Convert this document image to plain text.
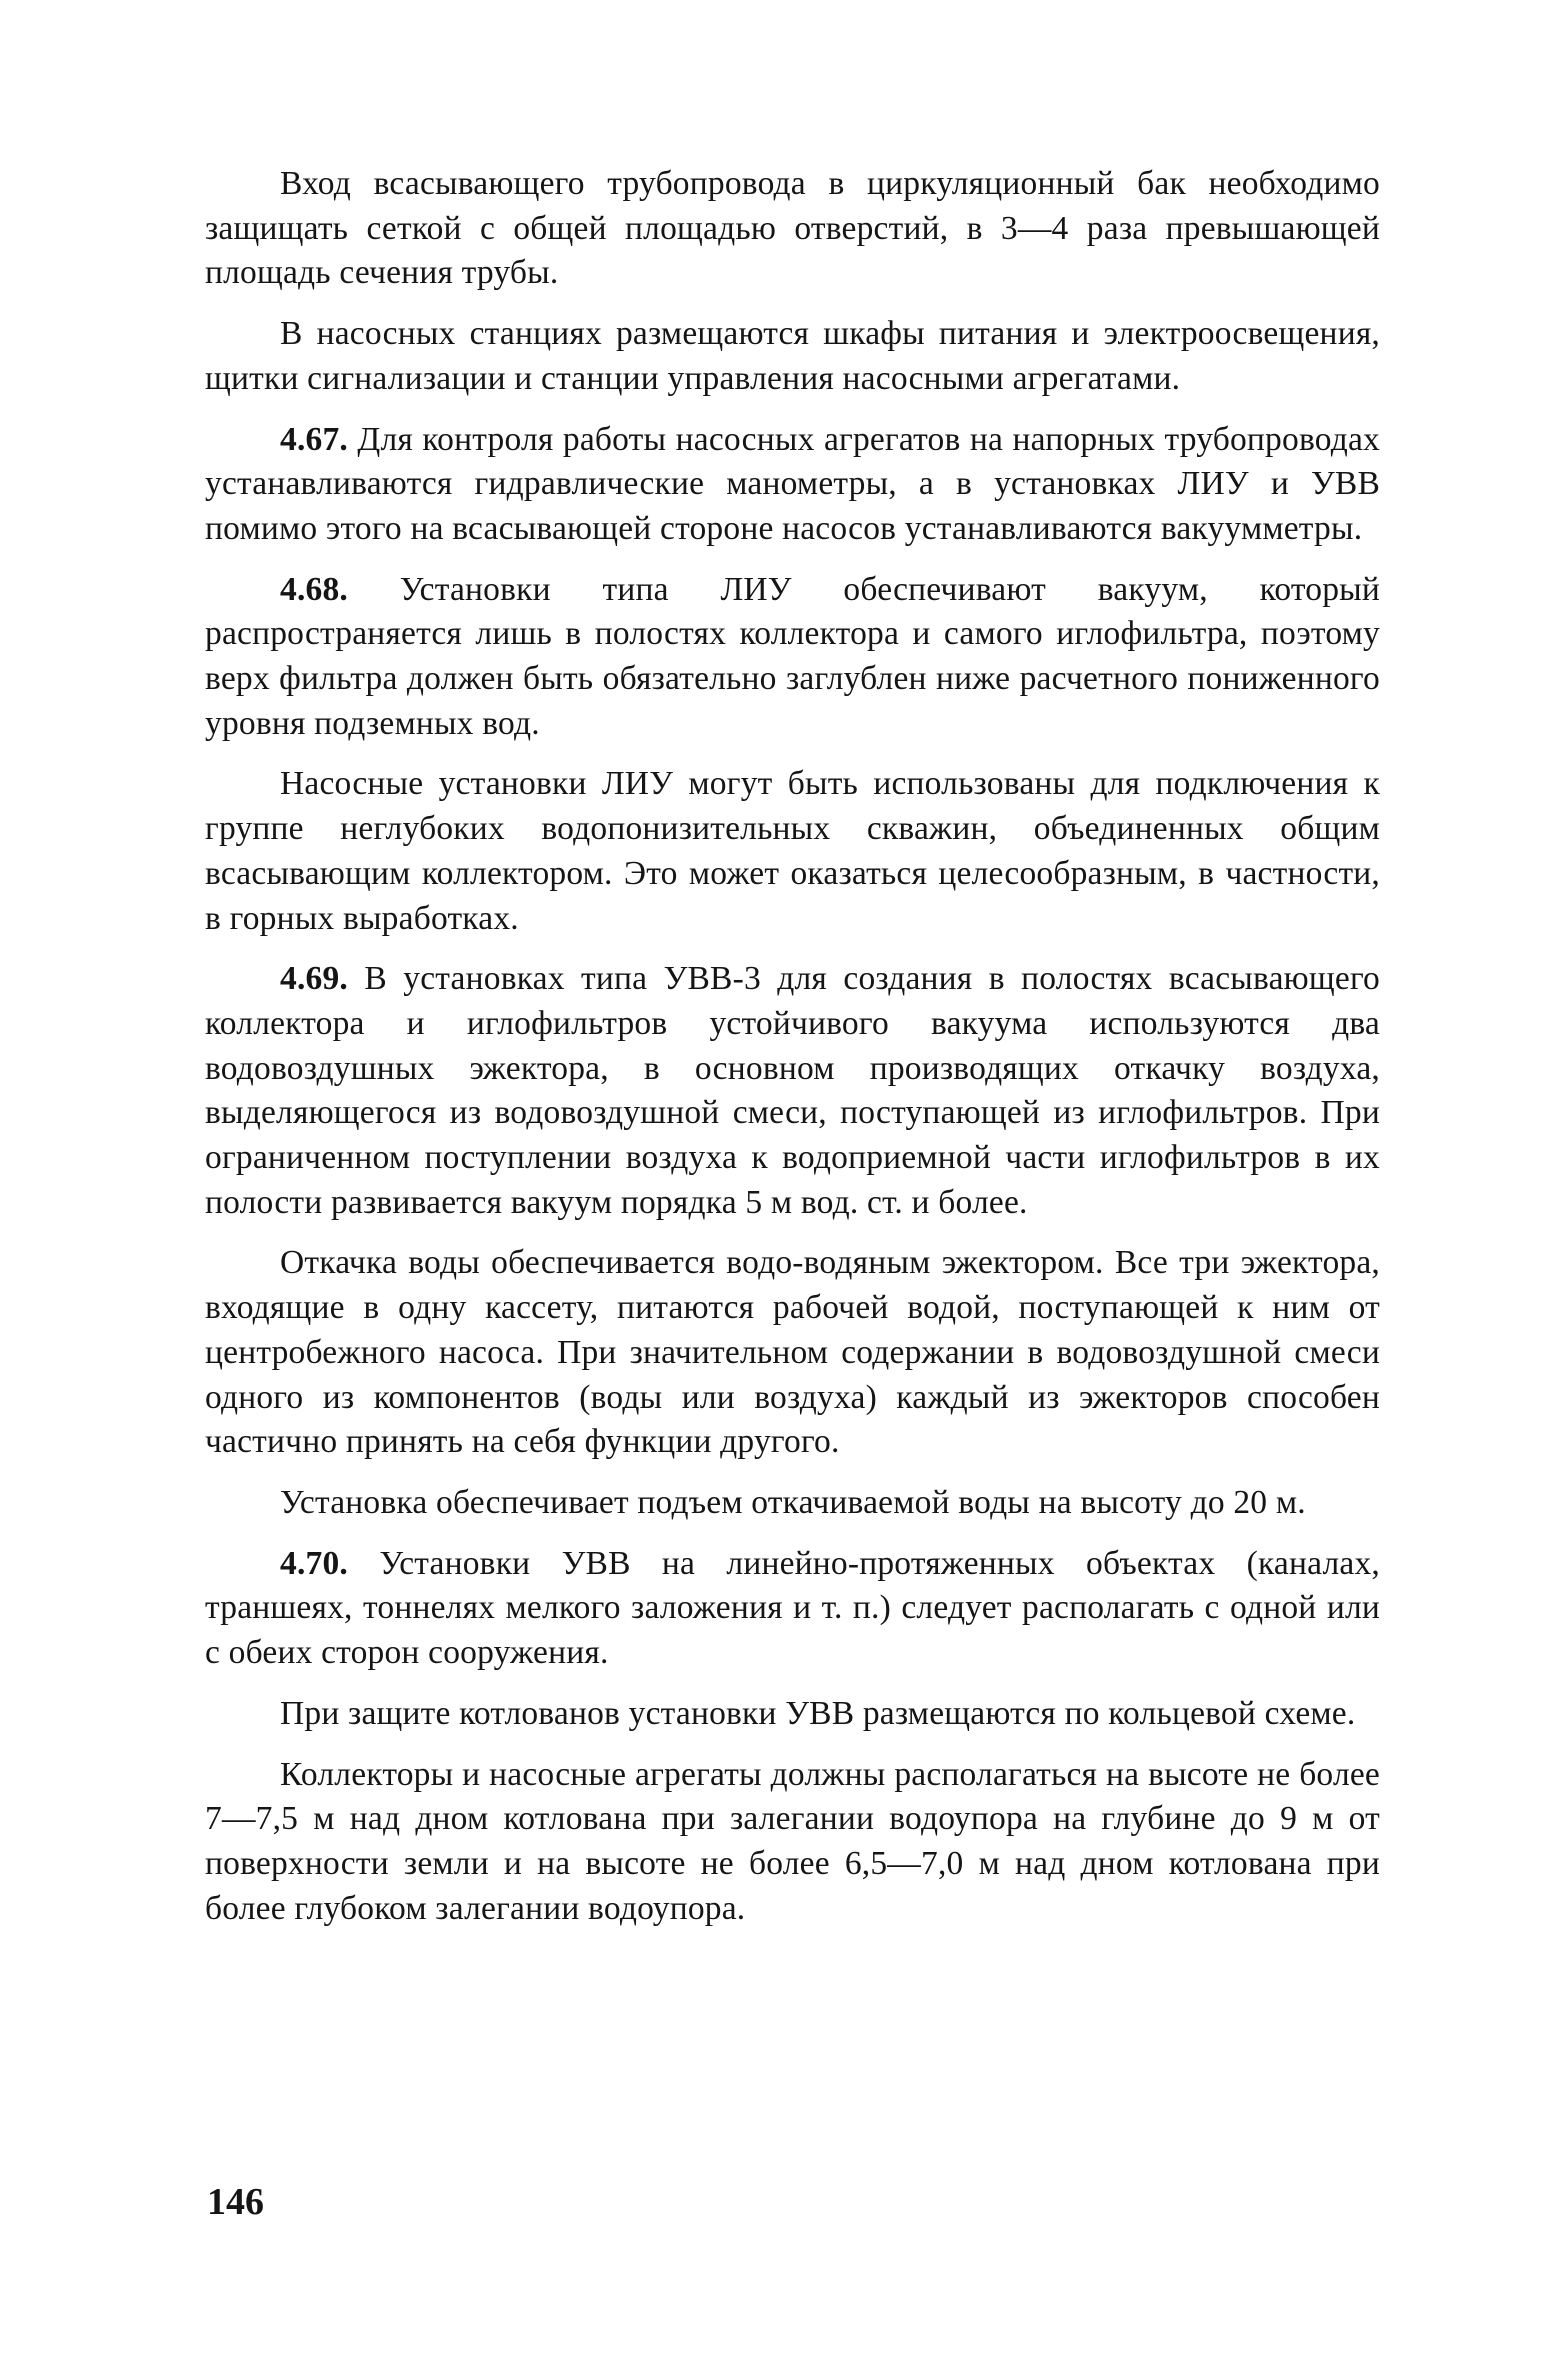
Вход всасывающего трубопровода в циркуляционный бак необходимо защищать сеткой с общей площадью отверстий, в 3—4 раза превышающей площадь сечения трубы.

В насосных станциях размещаются шкафы питания и электроосвещения, щитки сигнализации и станции управления насосными агрегатами.

4.67. Для контроля работы насосных агрегатов на напорных трубопроводах устанавливаются гидравлические манометры, а в установках ЛИУ и УВВ помимо этого на всасывающей стороне насосов устанавливаются вакуумметры.

4.68. Установки типа ЛИУ обеспечивают вакуум, который распространяется лишь в полостях коллектора и самого иглофильтра, поэтому верх фильтра должен быть обязательно заглублен ниже расчетного пониженного уровня подземных вод.

Насосные установки ЛИУ могут быть использованы для подключения к группе неглубоких водопонизительных скважин, объединенных общим всасывающим коллектором. Это может оказаться целесообразным, в частности, в горных выработках.

4.69. В установках типа УВВ-3 для создания в полостях всасывающего коллектора и иглофильтров устойчивого вакуума используются два водовоздушных эжектора, в основном производящих откачку воздуха, выделяющегося из водовоздушной смеси, поступающей из иглофильтров. При ограниченном поступлении воздуха к водоприемной части иглофильтров в их полости развивается вакуум порядка 5 м вод. ст. и более.

Откачка воды обеспечивается водо-водяным эжектором. Все три эжектора, входящие в одну кассету, питаются рабочей водой, поступающей к ним от центробежного насоса. При значительном содержании в водовоздушной смеси одного из компонентов (воды или воздуха) каждый из эжекторов способен частично принять на себя функции другого.

Установка обеспечивает подъем откачиваемой воды на высоту до 20 м.

4.70. Установки УВВ на линейно-протяженных объектах (каналах, траншеях, тоннелях мелкого заложения и т. п.) следует располагать с одной или с обеих сторон сооружения.

При защите котлованов установки УВВ размещаются по кольцевой схеме.

Коллекторы и насосные агрегаты должны располагаться на высоте не более 7—7,5 м над дном котлована при залегании водоупора на глубине до 9 м от поверхности земли и на высоте не более 6,5—7,0 м над дном котлована при более глубоком залегании водоупора.

146
